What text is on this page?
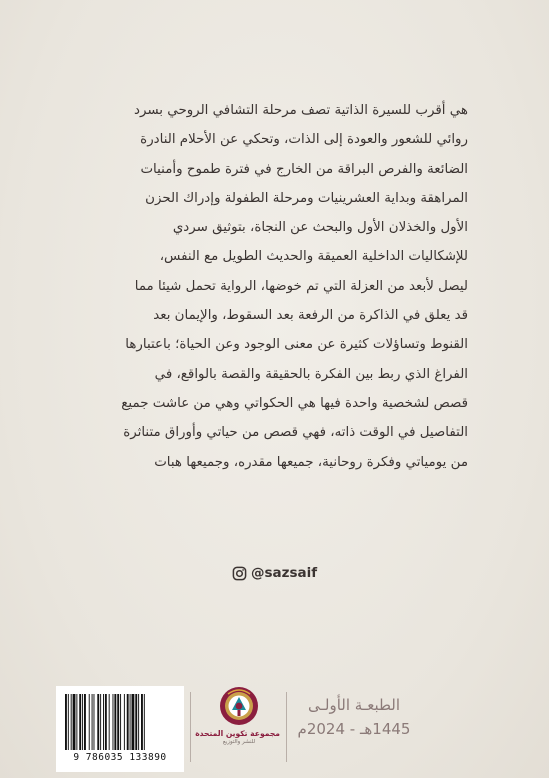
هي أقرب للسيرة الذاتية تصف مرحلة التشافي الروحي بسرد

روائي للشعور والعودة إلى الذات، وتحكي عن الأحلام النادرة

الضائعة والفرص البراقة من الخارج في فترة طموح وأمنيات

المراهقة وبداية العشرينيات ومرحلة الطفولة وإدراك الحزن

الأول والخذلان الأول والبحث عن النجاة، بتوثيق سردي

للإشكاليات الداخلية العميقة والحديث الطويل مع النفس،

ليصل لأبعد من العزلة التي تم خوضها، الرواية تحمل شيئا مما

قد يعلق في الذاكرة من الرفعة بعد السقوط، والإيمان بعد

القنوط وتساؤلات كثيرة عن معنى الوجود وعن الحياة؛ باعتبارها

الفراغ الذي ربط بين الفكرة بالحقيقة والقصة بالواقع، في

قصص لشخصية واحدة فيها هي الحكواتي وهي من عاشت جميع

التفاصيل في الوقت ذاته، فهي قصص من حياتي وأوراق متناثرة

من يومياتي وفكرة روحانية، جميعها مقدره، وجميعها هبات

@sazsaif
9 786035 133890
مجموعة تكوين المتحدة
للنشر والتوزيع
الطبعـة الأولـى
1445هـ - 2024م
